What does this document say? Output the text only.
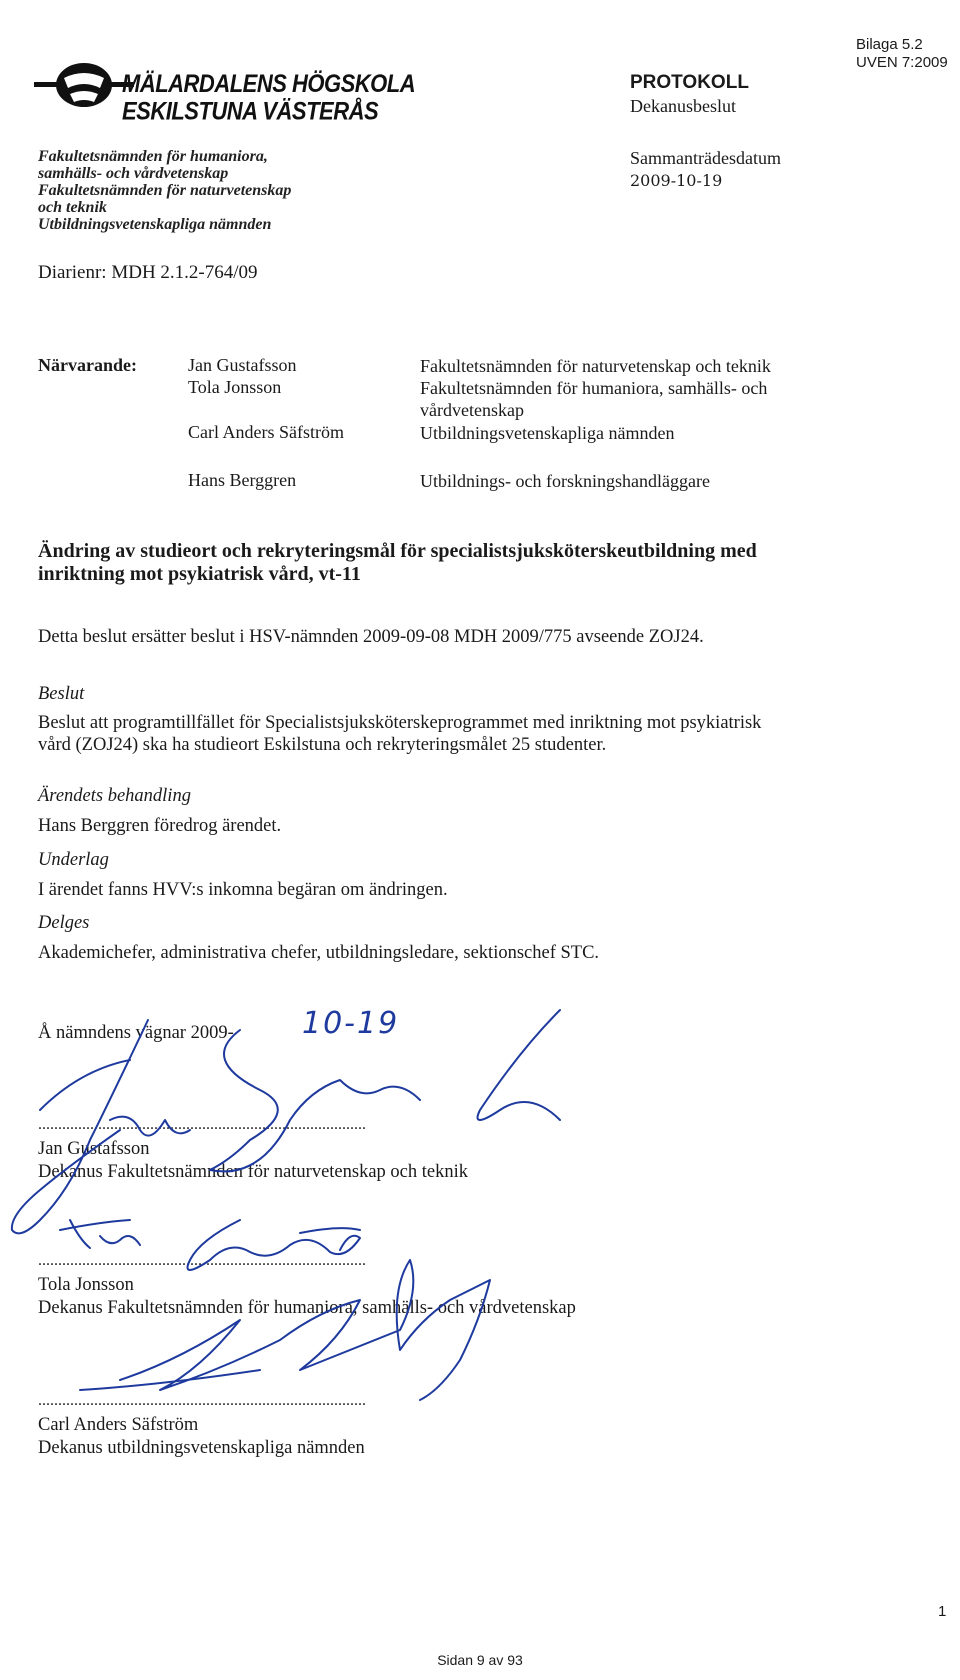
MÄLARDALENS HÖGSKOLA
ESKILSTUNA VÄSTERÅS
Fakultetsnämnden för humaniora,
samhälls- och vårdvetenskap
Fakultetsnämnden för naturvetenskap
och teknik
Utbildningsvetenskapliga nämnden
PROTOKOLL
Dekanusbeslut
Sammanträdesdatum
2009-10-19
Bilaga 5.2
UVEN 7:2009
Diarienr: MDH 2.1.2-764/09
Närvarande:	Jan Gustafsson	Fakultetsnämnden för naturvetenskap och teknik
Tola Jonsson	Fakultetsnämnden för humaniora, samhälls- och
vårdvetenskap
Carl Anders Säfström	Utbildningsvetenskapliga nämnden
Hans Berggren	Utbildnings- och forskningshandläggare
Ändring av studieort och rekryteringsmål för specialistsjuksköterskeutbildning med
inriktning mot psykiatrisk vård, vt-11
Detta beslut ersätter beslut i HSV-nämnden 2009-09-08 MDH 2009/775 avseende ZOJ24.
Beslut
Beslut att programtillfället för Specialistsjuksköterskeprogrammet med inriktning mot psykiatrisk
vård (ZOJ24) ska ha studieort Eskilstuna och rekryteringsmålet 25 studenter.
Ärendets behandling
Hans Berggren föredrog ärendet.
Underlag
I ärendet fanns HVV:s inkomna begäran om ändringen.
Delges
Akademichefer, administrativa chefer, utbildningsledare, sektionschef STC.
Å nämndens vägnar 2009- 10-19
..................................................................................
Jan Gustafsson
Dekanus Fakultetsnämnden för naturvetenskap och teknik
..................................................................................
Tola Jonsson
Dekanus Fakultetsnämnden för humaniora, samhälls- och vårdvetenskap
..................................................................................
Carl Anders Säfström
Dekanus utbildningsvetenskapliga nämnden
Sidan 9 av 93
1
